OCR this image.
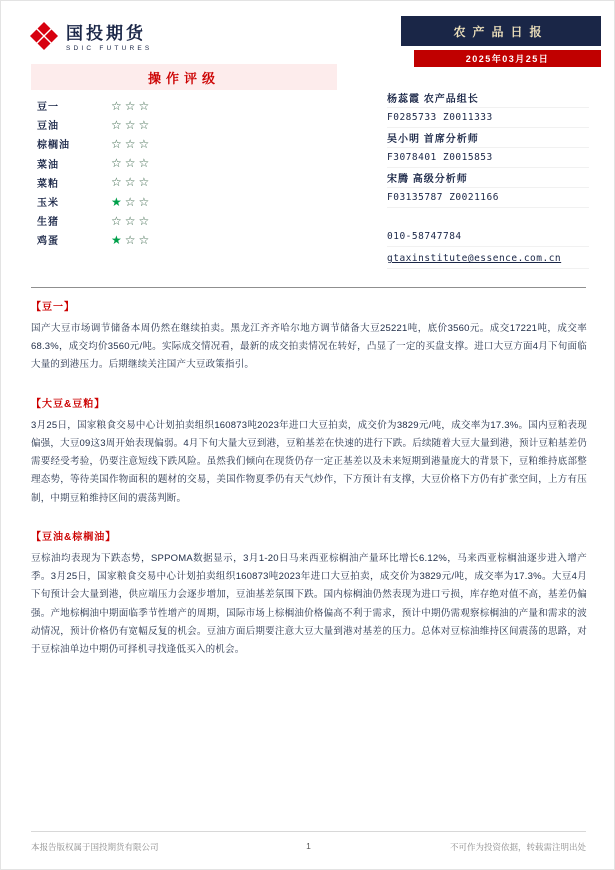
国投期货
SDIC FUTURES
农产品日报
2025年03月25日
操作评级
豆一	☆☆☆
豆油	☆☆☆
棕榈油	☆☆☆
菜油	☆☆☆
菜粕	☆☆☆
玉米	★☆☆
生猪	☆☆☆
鸡蛋	★☆☆
杨蕊霞 农产品组长
F0285733 Z0011333
吴小明 首席分析师
F3078401 Z0015853
宋腾 高级分析师
F03135787 Z0021166
010-58747784
gtaxinstitute@essence.com.cn
【豆一】
国产大豆市场调节储备本周仍然在继续拍卖。黑龙江齐齐哈尔地方调节储备大豆25221吨，底价3560元。成交17221吨，成交率68.3%，成交均价3560元/吨。实际成交情况看，最新的成交拍卖情况在转好，凸显了一定的买盘支撑。进口大豆方面4月下旬面临大量的到港压力。后期继续关注国产大豆政策指引。
【大豆&豆粕】
3月25日，国家粮食交易中心计划拍卖组织160873吨2023年进口大豆拍卖，成交价为3829元/吨，成交率为17.3%。国内豆粕表现偏强，大豆09这3周开始表现偏弱。4月下旬大量大豆到港，豆粕基差在快速的进行下跌。后续随着大豆大量到港，预计豆粕基差仍需要经受考验，仍要注意短线下跌风险。虽然我们倾向在现货仍存一定正基差以及未来短期到港量庞大的背景下，豆粕维持底部整理态势，等待美国作物面积的题材的交易，美国作物夏季仍有天气炒作，下方预计有支撑，大豆价格下方仍有扩张空间，上方有压制，中期豆粕维持区间的震荡判断。
【豆油&棕榈油】
豆棕油均表现为下跌态势，SPPOMA数据显示，3月1-20日马来西亚棕榈油产量环比增长6.12%，马来西亚棕榈油逐步进入增产季。3月25日，国家粮食交易中心计划拍卖组织160873吨2023年进口大豆拍卖，成交价为3829元/吨，成交率为17.3%。大豆4月下旬预计会大量到港，供应端压力会逐步增加，豆油基差氛围下跌。国内棕榈油仍然表现为进口亏损，库存绝对值不高，基差仍偏强。产地棕榈油中期面临季节性增产的周期，国际市场上棕榈油价格偏高不利于需求，预计中期仍需观察棕榈油的产量和需求的波动情况，预计价格仍有宽幅反复的机会。豆油方面后期要注意大豆大量到港对基差的压力。总体对豆棕油维持区间震荡的思路，对于豆棕油单边中期仍可择机寻找逢低买入的机会。
本报告版权属于国投期货有限公司	1	不可作为投资依据，转载需注明出处
